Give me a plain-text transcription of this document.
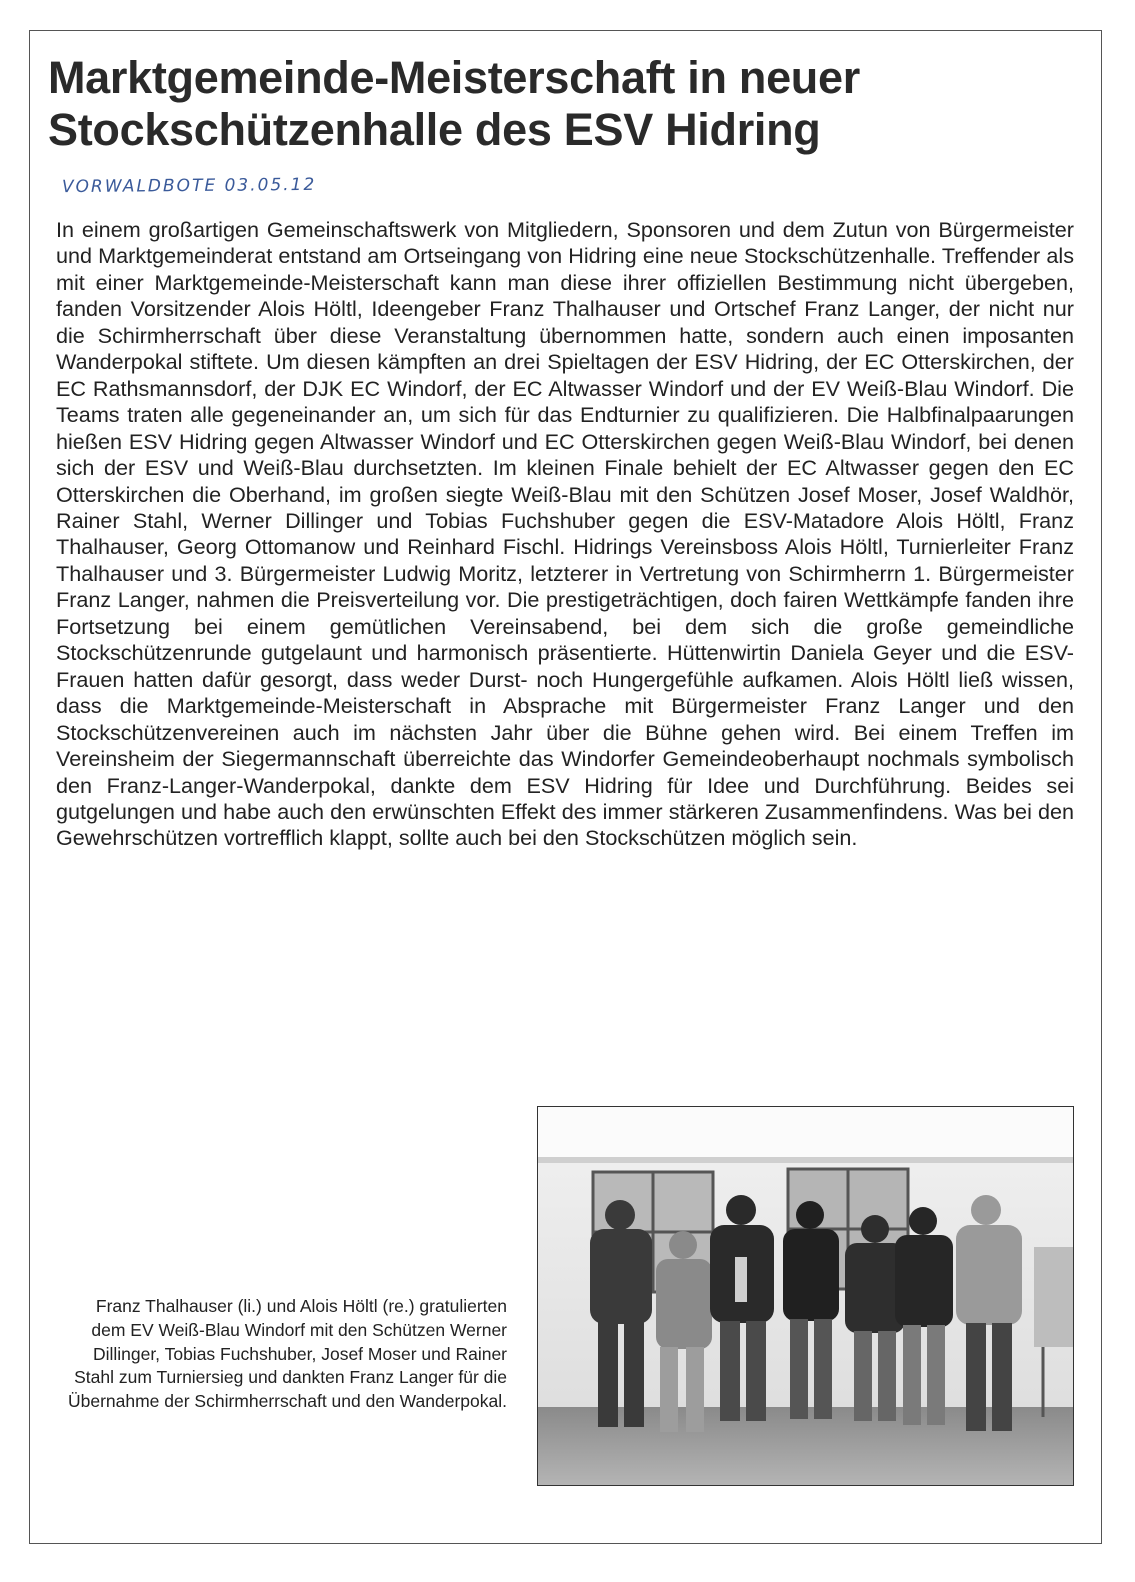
Marktgemeinde-Meisterschaft in neuer Stockschützenhalle des ESV Hidring
VORWALDBOTE 03.05.12

In einem großartigen Gemeinschaftswerk von Mitgliedern, Sponsoren und dem Zutun von Bürgermeister und Marktgemeinderat entstand am Ortseingang von Hidring eine neue Stockschützenhalle. Treffender als mit einer Marktgemeinde-Meisterschaft kann man diese ihrer offiziellen Bestimmung nicht übergeben, fanden Vorsitzender Alois Höltl, Ideengeber Franz Thalhauser und Ortschef Franz Langer, der nicht nur die Schirmherrschaft über diese Veranstaltung übernommen hatte, sondern auch einen imposanten Wanderpokal stiftete. Um diesen kämpften an drei Spieltagen der ESV Hidring, der EC Otterskirchen, der EC Rathsmannsdorf, der DJK EC Windorf, der EC Altwasser Windorf und der EV Weiß-Blau Windorf. Die Teams traten alle gegeneinander an, um sich für das Endturnier zu qualifizieren. Die Halbfinalpaarungen hießen ESV Hidring gegen Altwasser Windorf und EC Otterskirchen gegen Weiß-Blau Windorf, bei denen sich der ESV und Weiß-Blau durchsetzten. Im kleinen Finale behielt der EC Altwasser gegen den EC Otterskirchen die Oberhand, im großen siegte Weiß-Blau mit den Schützen Josef Moser, Josef Waldhör, Rainer Stahl, Werner Dillinger und Tobias Fuchshuber gegen die ESV-Matadore Alois Höltl, Franz Thalhauser, Georg Ottomanow und Reinhard Fischl. Hidrings Vereinsboss Alois Höltl, Turnierleiter Franz Thalhauser und 3. Bürgermeister Ludwig Moritz, letzterer in Vertretung von Schirmherrn 1. Bürgermeister Franz Langer, nahmen die Preisverteilung vor. Die prestigeträchtigen, doch fairen Wettkämpfe fanden ihre Fortsetzung bei einem gemütlichen Vereinsabend, bei dem sich die große gemeindliche Stockschützenrunde gutgelaunt und harmonisch präsentierte. Hüttenwirtin Daniela Geyer und die ESV-Frauen hatten dafür gesorgt, dass weder Durst- noch Hungergefühle aufkamen. Alois Höltl ließ wissen, dass die Marktgemeinde-Meisterschaft in Absprache mit Bürgermeister Franz Langer und den Stockschützenvereinen auch im nächsten Jahr über die Bühne gehen wird. Bei einem Treffen im Vereinsheim der Siegermannschaft überreichte das Windorfer Gemeindeoberhaupt nochmals symbolisch den Franz-Langer-Wanderpokal, dankte dem ESV Hidring für Idee und Durchführung. Beides sei gutgelungen und habe auch den erwünschten Effekt des immer stärkeren Zusammenfindens. Was bei den Gewehrschützen vortrefflich klappt, sollte auch bei den Stockschützen möglich sein.

Franz Thalhauser (li.) und Alois Höltl (re.) gratulierten dem EV Weiß-Blau Windorf mit den Schützen Werner Dillinger, Tobias Fuchshuber, Josef Moser und Rainer Stahl zum Turniersieg und dankten Franz Langer für die Übernahme der Schirmherrschaft und den Wanderpokal.
